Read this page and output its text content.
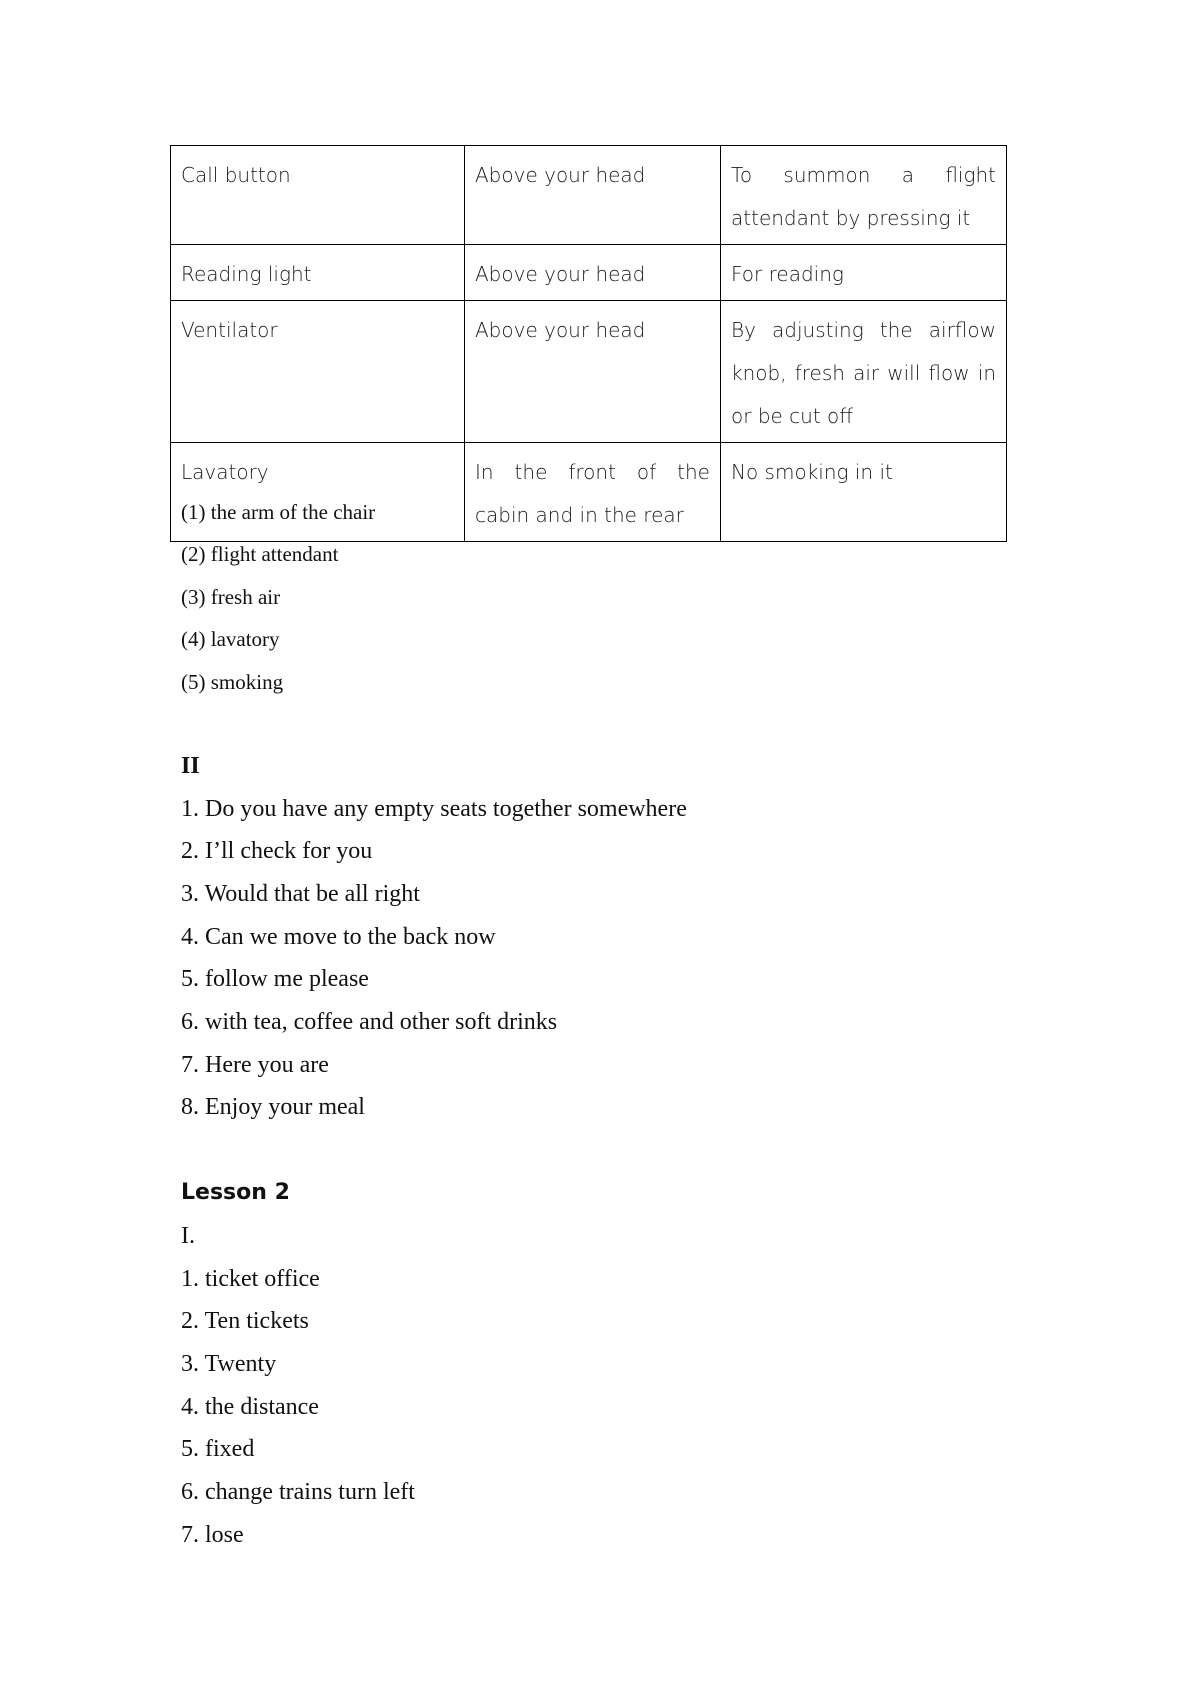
Call button	Above your head	To summon a flight attendant by pressing it
Reading light	Above your head	For reading
Ventilator	Above your head	By adjusting the airflow knob, fresh air will flow in or be cut off
Lavatory	In the front of the cabin and in the rear	No smoking in it
(1) the arm of the chair
(2) flight attendant
(3) fresh air
(4) lavatory
(5) smoking
II
1. Do you have any empty seats together somewhere
2. I’ll check for you
3. Would that be all right
4. Can we move to the back now
5. follow me please
6. with tea, coffee and other soft drinks
7. Here you are
8. Enjoy your meal
Lesson 2
I.
1. ticket office
2. Ten tickets
3. Twenty
4. the distance
5. fixed
6. change trains turn left
7. lose
